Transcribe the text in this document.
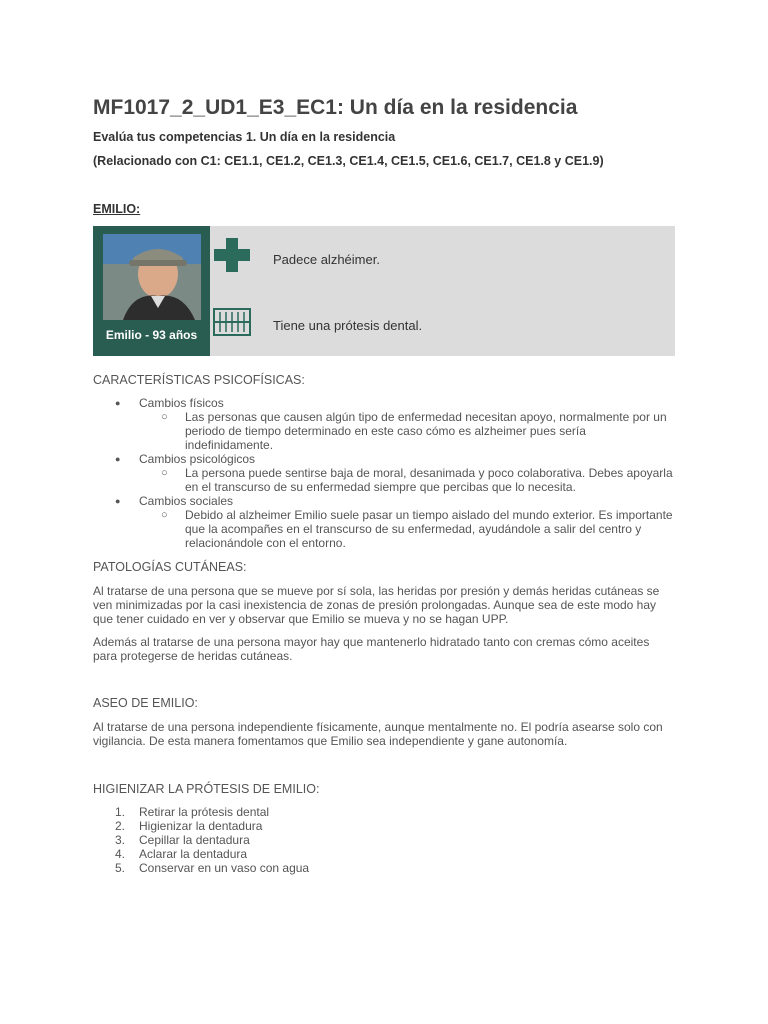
MF1017_2_UD1_E3_EC1: Un día en la residencia
Evalúa tus competencias 1. Un día en la residencia
(Relacionado con C1: CE1.1, CE1.2, CE1.3, CE1.4, CE1.5, CE1.6, CE1.7, CE1.8 y CE1.9)
EMILIO:
Emilio - 93 años
Padece alzhéimer.
Tiene una prótesis dental.
CARACTERÍSTICAS PSICOFÍSICAS:
● Cambios físicos
○ Las personas que causen algún tipo de enfermedad necesitan apoyo, normalmente por un periodo de tiempo determinado en este caso cómo es alzheimer pues sería indefinidamente.
● Cambios psicológicos
○ La persona puede sentirse baja de moral, desanimada y poco colaborativa. Debes apoyarla en el transcurso de su enfermedad siempre que percibas que lo necesita.
● Cambios sociales
○ Debido al alzheimer Emilio suele pasar un tiempo aislado del mundo exterior. Es importante que la acompañes en el transcurso de su enfermedad, ayudándole a salir del centro y relacionándole con el entorno.
PATOLOGÍAS CUTÁNEAS:
Al tratarse de una persona que se mueve por sí sola, las heridas por presión y demás heridas cutáneas se ven minimizadas por la casi inexistencia de zonas de presión prolongadas. Aunque sea de este modo hay que tener cuidado en ver y observar que Emilio se mueva y no se hagan UPP.
Además al tratarse de una persona mayor hay que mantenerlo hidratado tanto con cremas cómo aceites para protegerse de heridas cutáneas.
ASEO DE EMILIO:
Al tratarse de una persona independiente físicamente, aunque mentalmente no. El podría asearse solo con vigilancia. De esta manera fomentamos que Emilio sea independiente y gane autonomía.
HIGIENIZAR LA PRÓTESIS DE EMILIO:
1. Retirar la prótesis dental
2. Higienizar la dentadura
3. Cepillar la dentadura
4. Aclarar la dentadura
5. Conservar en un vaso con agua
